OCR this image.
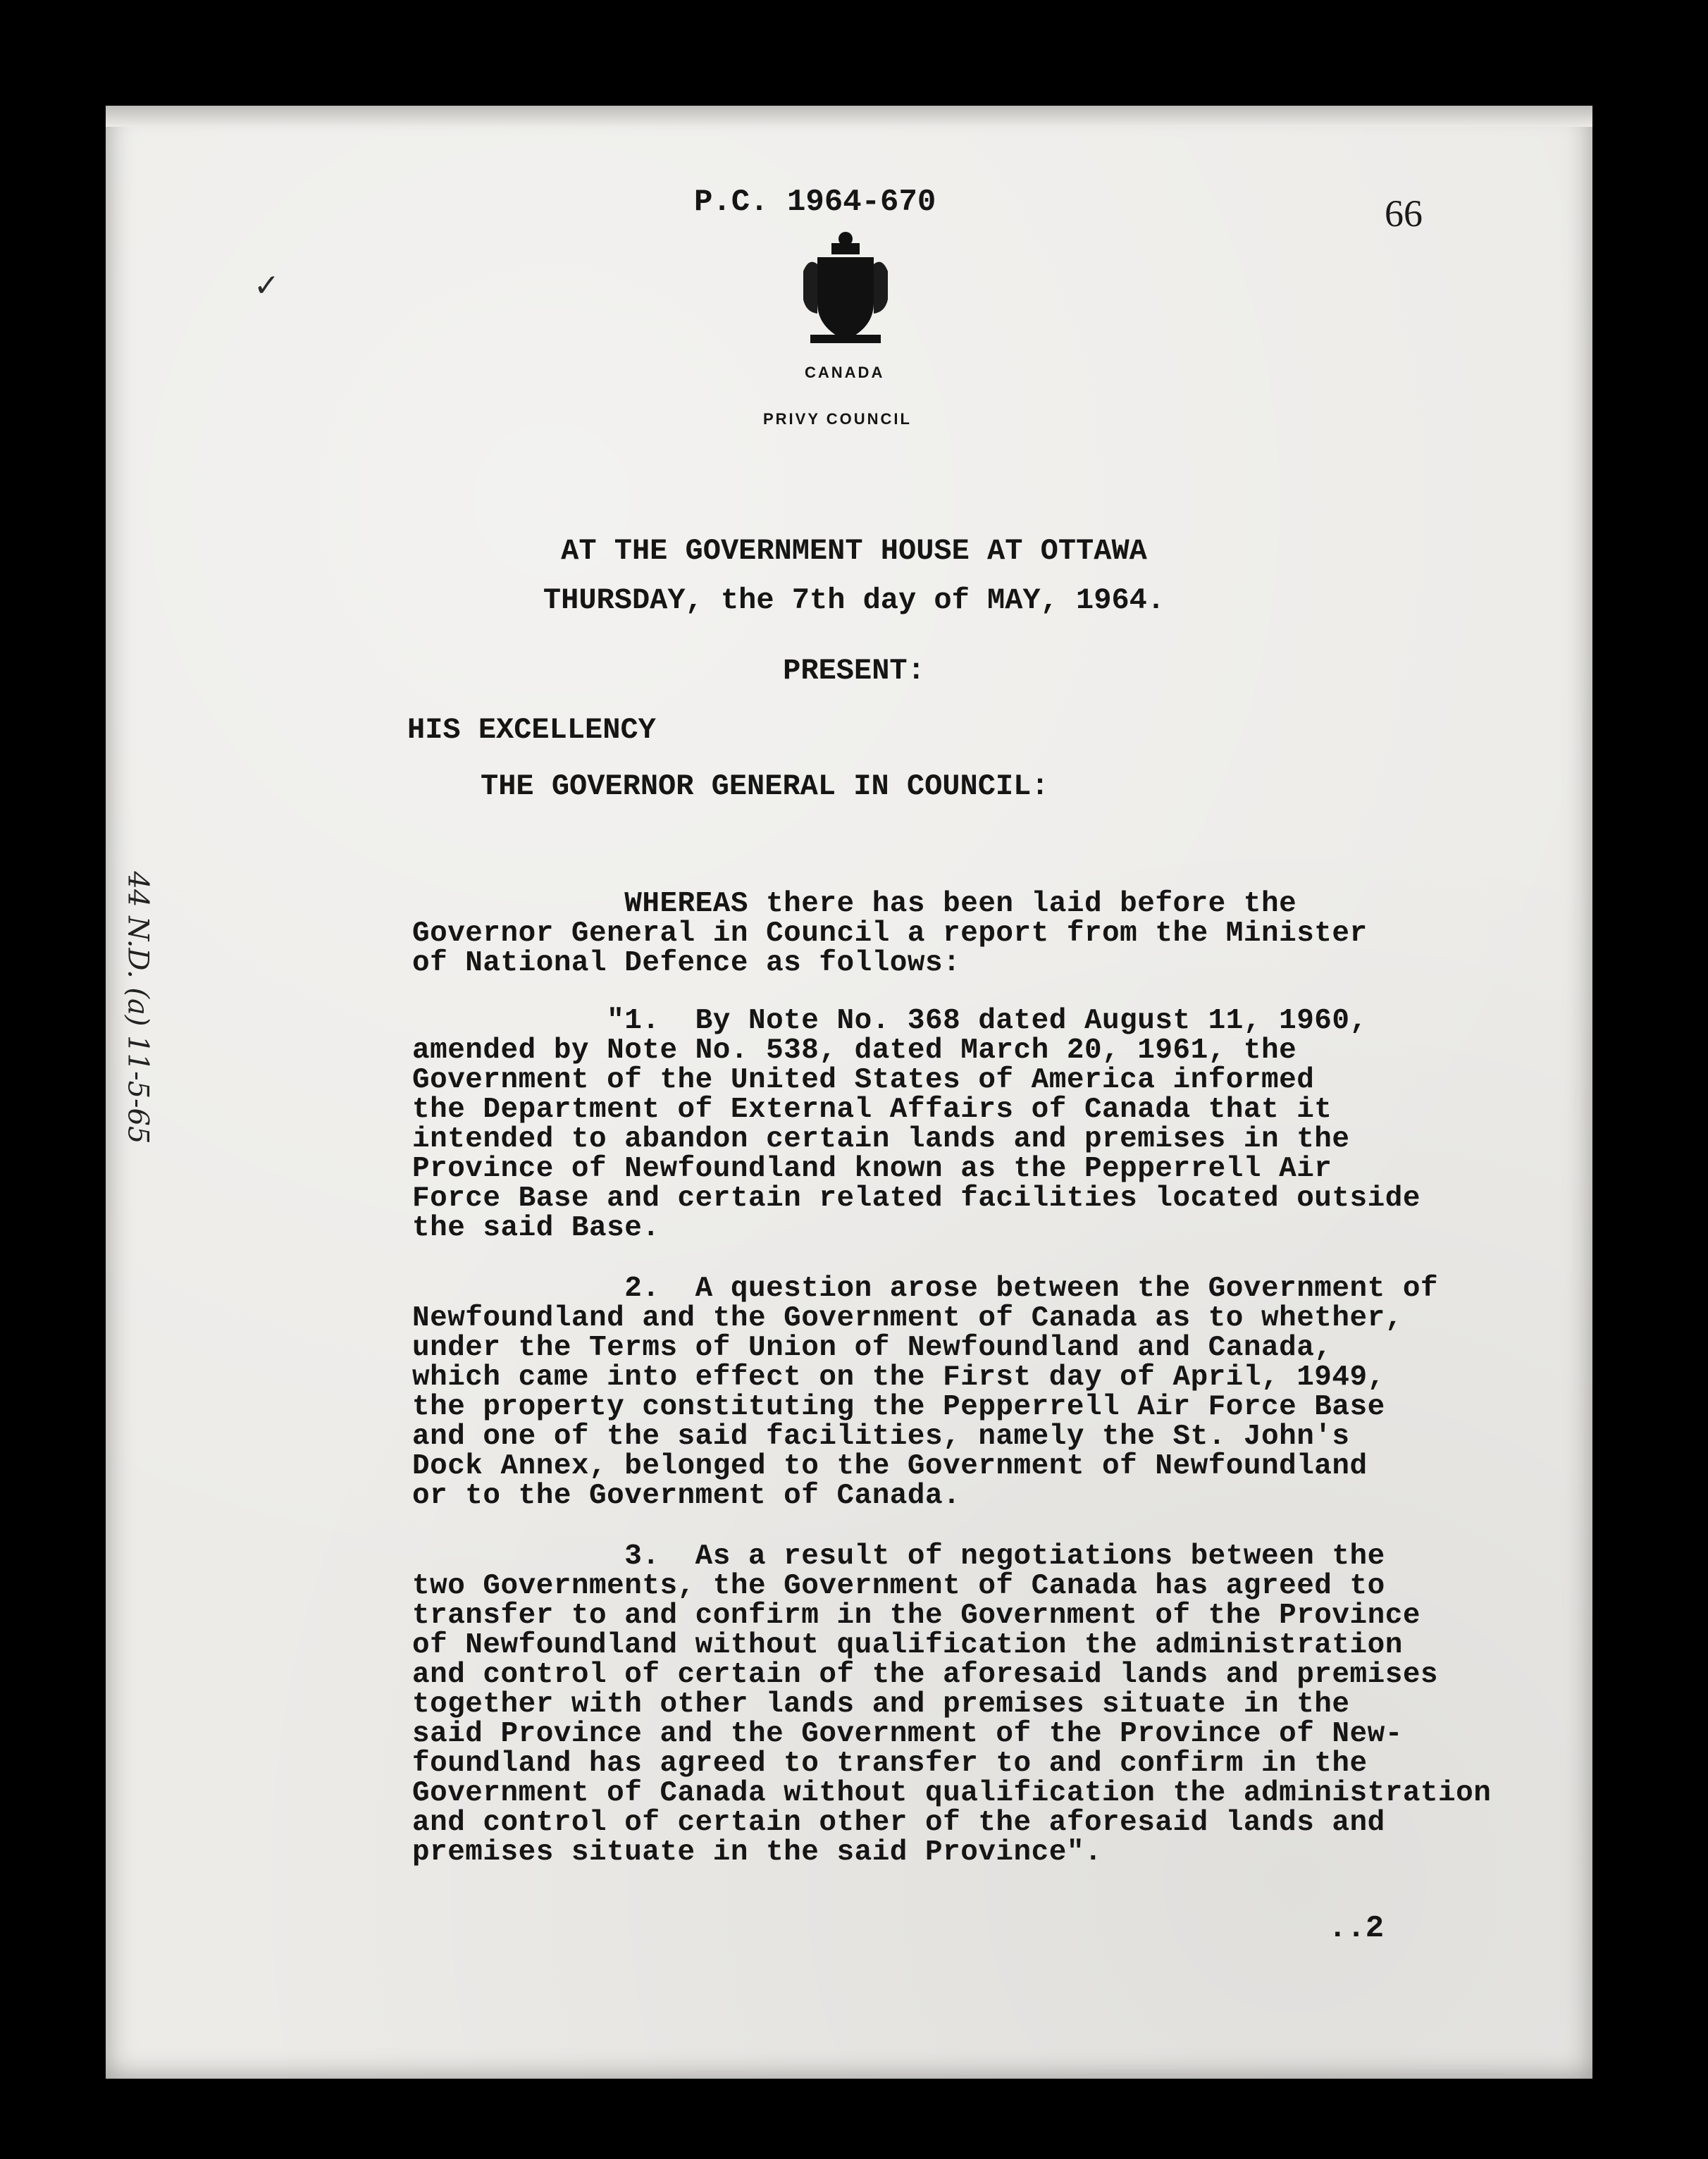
P.C. 1964-670	66
CANADA
PRIVY COUNCIL
✓
44 N.D. (a) 11-5-65
AT THE GOVERNMENT HOUSE AT OTTAWA
THURSDAY, the 7th day of MAY, 1964.
PRESENT:
HIS EXCELLENCY
THE GOVERNOR GENERAL IN COUNCIL:
WHEREAS there has been laid before the
Governor General in Council a report from the Minister
of National Defence as follows:
"1.  By Note No. 368 dated August 11, 1960,
amended by Note No. 538, dated March 20, 1961, the
Government of the United States of America informed
the Department of External Affairs of Canada that it
intended to abandon certain lands and premises in the
Province of Newfoundland known as the Pepperrell Air
Force Base and certain related facilities located outside
the said Base.
2.  A question arose between the Government of
Newfoundland and the Government of Canada as to whether,
under the Terms of Union of Newfoundland and Canada,
which came into effect on the First day of April, 1949,
the property constituting the Pepperrell Air Force Base
and one of the said facilities, namely the St. John's
Dock Annex, belonged to the Government of Newfoundland
or to the Government of Canada.
3.  As a result of negotiations between the
two Governments, the Government of Canada has agreed to
transfer to and confirm in the Government of the Province
of Newfoundland without qualification the administration
and control of certain of the aforesaid lands and premises
together with other lands and premises situate in the
said Province and the Government of the Province of New-
foundland has agreed to transfer to and confirm in the
Government of Canada without qualification the administration
and control of certain other of the aforesaid lands and
premises situate in the said Province".
..2
